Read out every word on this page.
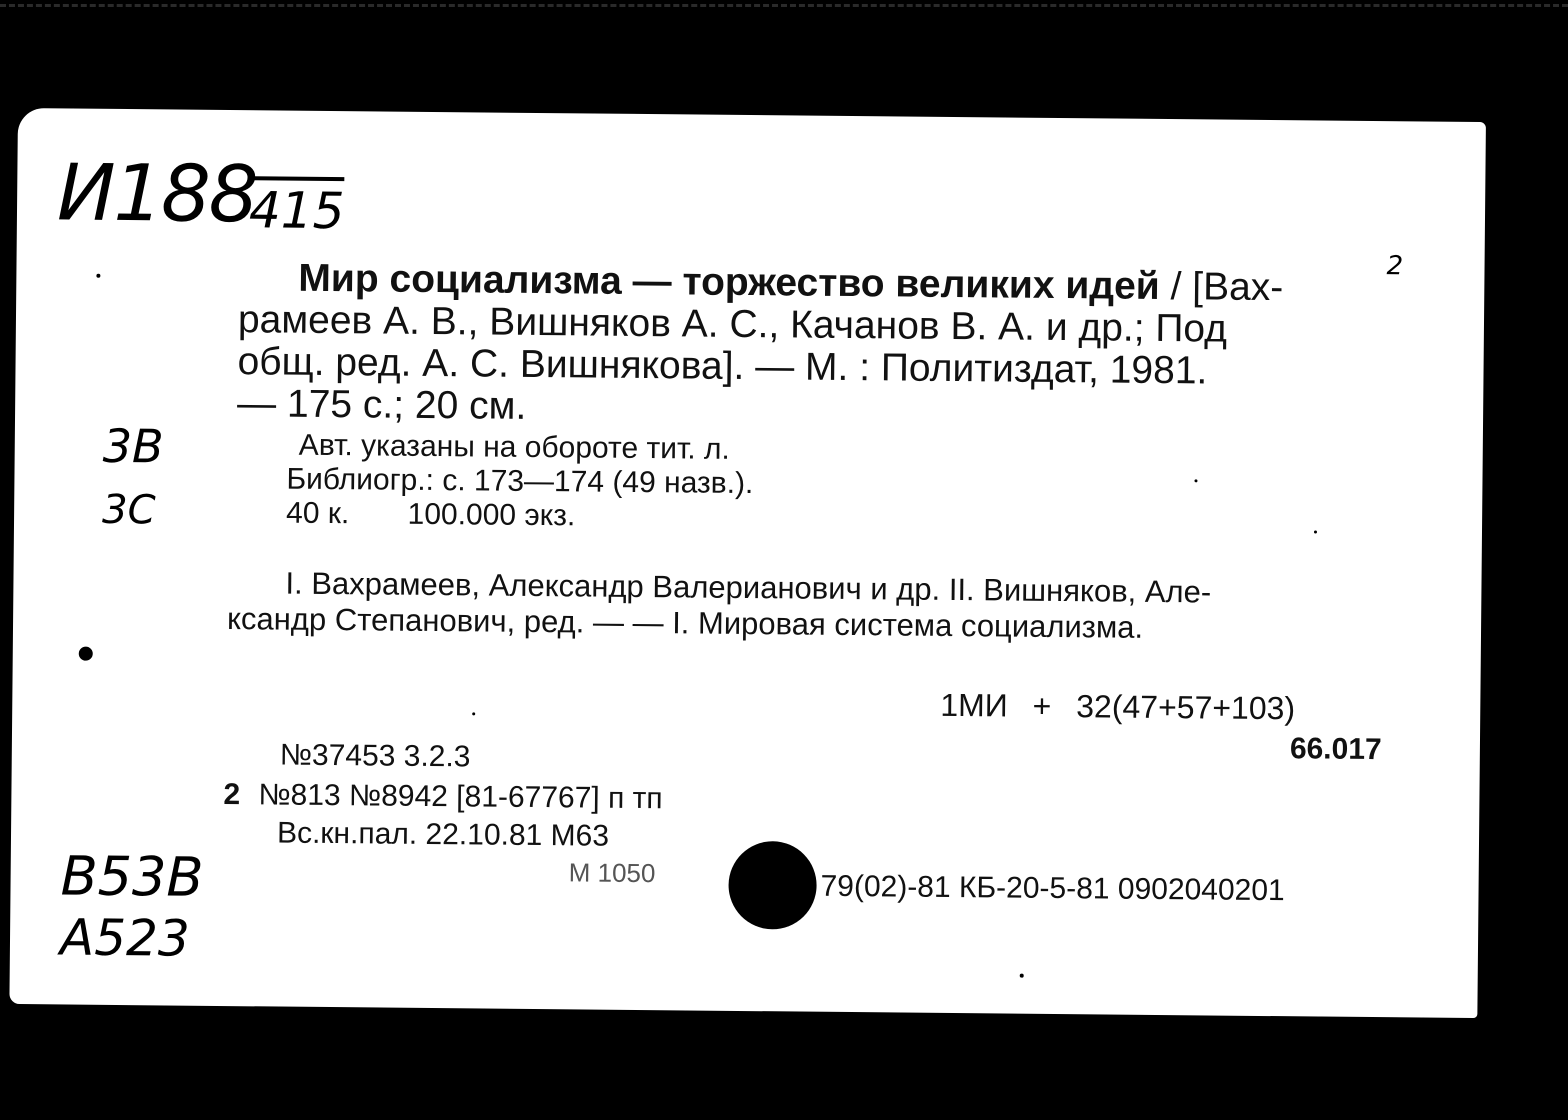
И188
415
2
Мир социализма — торжество великих идей / [Вах-
рамеев А. В., Вишняков А. С., Качанов В. А. и др.; Под
общ. ред. А. С. Вишнякова]. — М. : Политиздат, 1981.
— 175 с.; 20 см.
Авт. указаны на обороте тит. л.
Библиогр.: с. 173—174 (49 назв.).
40 к. 100.000 экз.
3В
3С
I. Вахрамеев, Александр Валерианович и др. II. Вишняков, Але-
ксандр Степанович, ред. — — I. Мировая система социализма.
1МИ + 32(47+57+103)
66.017
№37453 3.2.3
2 №813 №8942 [81-67767] п тп
Вс.кн.пал. 22.10.81 М63
М 1050	79(02)-81 КБ-20-5-81 0902040201
В53В
А523
